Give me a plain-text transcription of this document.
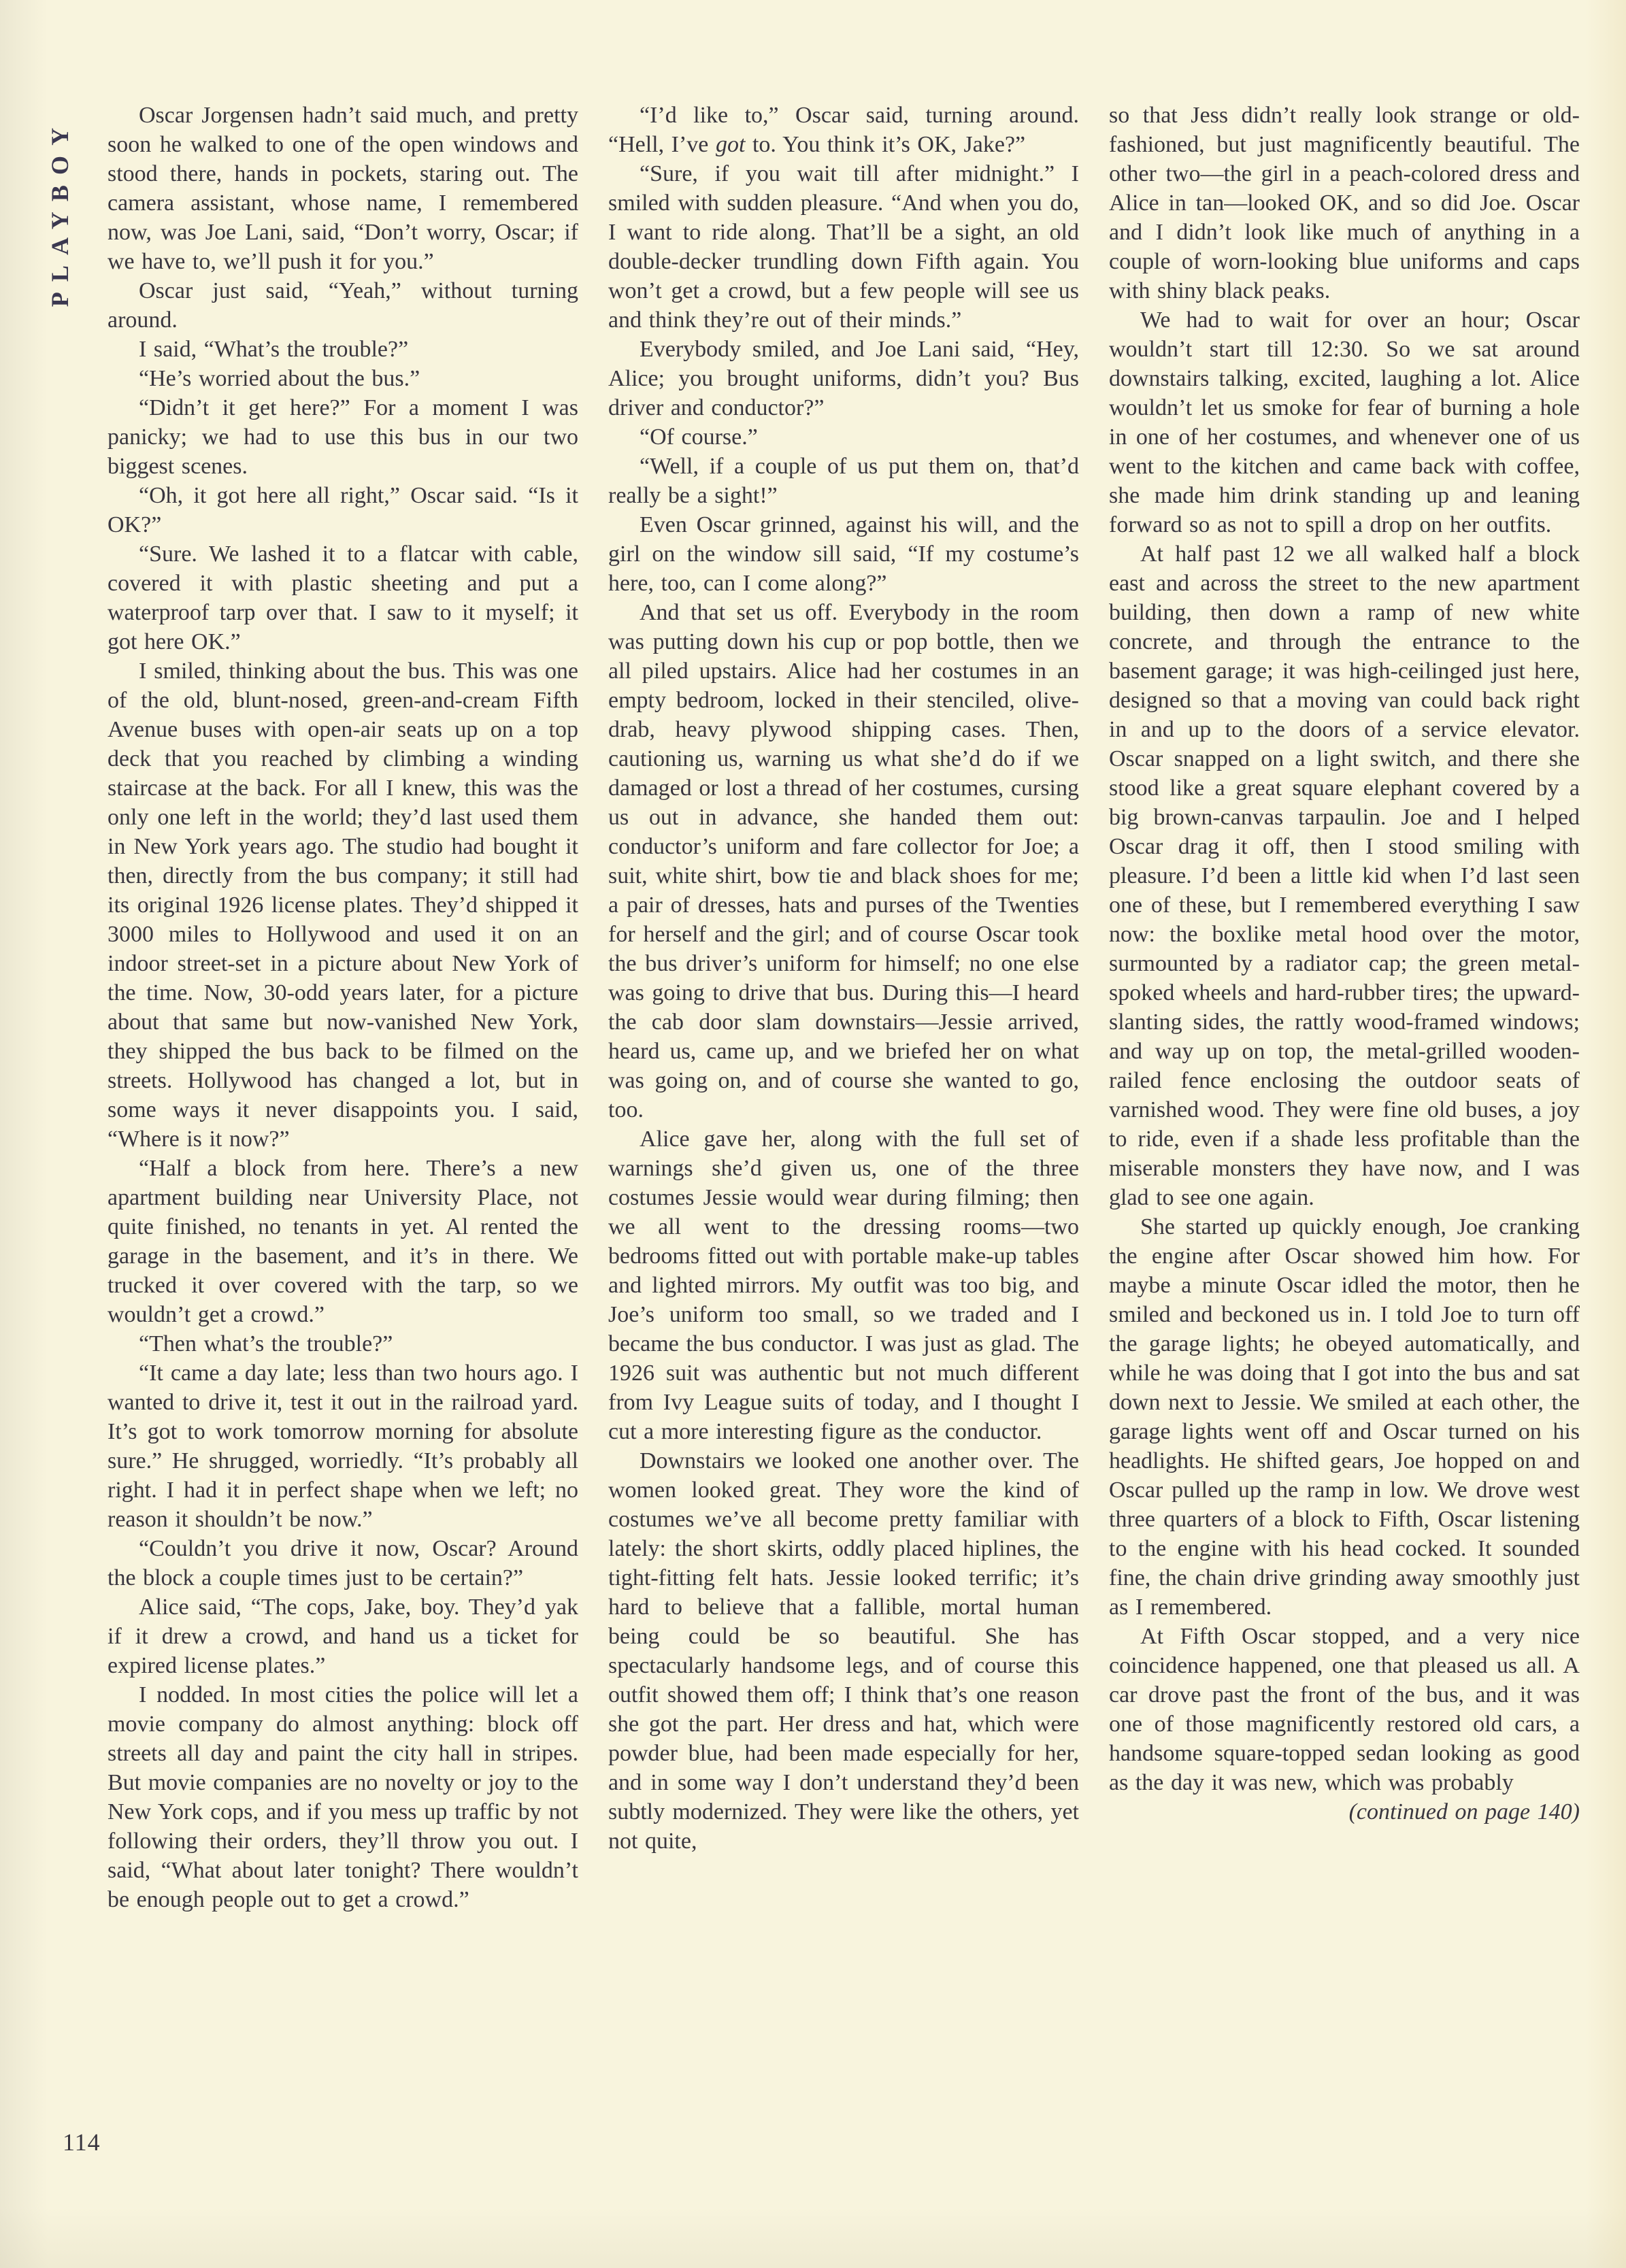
PLAYBOY

Oscar Jorgensen hadn’t said much, and pretty soon he walked to one of the open windows and stood there, hands in pockets, staring out. The camera assistant, whose name, I remembered now, was Joe Lani, said, “Don’t worry, Oscar; if we have to, we’ll push it for you.”

Oscar just said, “Yeah,” without turning around.

I said, “What’s the trouble?”

“He’s worried about the bus.”

“Didn’t it get here?” For a moment I was panicky; we had to use this bus in our two biggest scenes.

“Oh, it got here all right,” Oscar said. “Is it OK?”

“Sure. We lashed it to a flatcar with cable, covered it with plastic sheeting and put a waterproof tarp over that. I saw to it myself; it got here OK.”

I smiled, thinking about the bus. This was one of the old, blunt-nosed, green-and-cream Fifth Avenue buses with open-air seats up on a top deck that you reached by climbing a winding staircase at the back. For all I knew, this was the only one left in the world; they’d last used them in New York years ago. The studio had bought it then, directly from the bus company; it still had its original 1926 license plates. They’d shipped it 3000 miles to Hollywood and used it on an indoor street-set in a picture about New York of the time. Now, 30-odd years later, for a picture about that same but now-vanished New York, they shipped the bus back to be filmed on the streets. Hollywood has changed a lot, but in some ways it never disappoints you. I said, “Where is it now?”

“Half a block from here. There’s a new apartment building near University Place, not quite finished, no tenants in yet. Al rented the garage in the basement, and it’s in there. We trucked it over covered with the tarp, so we wouldn’t get a crowd.”

“Then what’s the trouble?”

“It came a day late; less than two hours ago. I wanted to drive it, test it out in the railroad yard. It’s got to work tomorrow morning for absolute sure.” He shrugged, worriedly. “It’s probably all right. I had it in perfect shape when we left; no reason it shouldn’t be now.”

“Couldn’t you drive it now, Oscar? Around the block a couple times just to be certain?”

Alice said, “The cops, Jake, boy. They’d yak if it drew a crowd, and hand us a ticket for expired license plates.”

I nodded. In most cities the police will let a movie company do almost anything: block off streets all day and paint the city hall in stripes. But movie companies are no novelty or joy to the New York cops, and if you mess up traffic by not following their orders, they’ll throw you out. I said, “What about later tonight? There wouldn’t be enough people out to get a crowd.”

“I’d like to,” Oscar said, turning around. “Hell, I’ve got to. You think it’s OK, Jake?”

“Sure, if you wait till after midnight.” I smiled with sudden pleasure. “And when you do, I want to ride along. That’ll be a sight, an old double-decker trundling down Fifth again. You won’t get a crowd, but a few people will see us and think they’re out of their minds.”

Everybody smiled, and Joe Lani said, “Hey, Alice; you brought uniforms, didn’t you? Bus driver and conductor?”

“Of course.”

“Well, if a couple of us put them on, that’d really be a sight!”

Even Oscar grinned, against his will, and the girl on the window sill said, “If my costume’s here, too, can I come along?”

And that set us off. Everybody in the room was putting down his cup or pop bottle, then we all piled upstairs. Alice had her costumes in an empty bedroom, locked in their stenciled, olive-drab, heavy plywood shipping cases. Then, cautioning us, warning us what she’d do if we damaged or lost a thread of her costumes, cursing us out in advance, she handed them out: conductor’s uniform and fare collector for Joe; a suit, white shirt, bow tie and black shoes for me; a pair of dresses, hats and purses of the Twenties for herself and the girl; and of course Oscar took the bus driver’s uniform for himself; no one else was going to drive that bus. During this—I heard the cab door slam downstairs—Jessie arrived, heard us, came up, and we briefed her on what was going on, and of course she wanted to go, too.

Alice gave her, along with the full set of warnings she’d given us, one of the three costumes Jessie would wear during filming; then we all went to the dressing rooms—two bedrooms fitted out with portable make-up tables and lighted mirrors. My outfit was too big, and Joe’s uniform too small, so we traded and I became the bus conductor. I was just as glad. The 1926 suit was authentic but not much different from Ivy League suits of today, and I thought I cut a more interesting figure as the conductor.

Downstairs we looked one another over. The women looked great. They wore the kind of costumes we’ve all become pretty familiar with lately: the short skirts, oddly placed hiplines, the tight-fitting felt hats. Jessie looked terrific; it’s hard to believe that a fallible, mortal human being could be so beautiful. She has spectacularly handsome legs, and of course this outfit showed them off; I think that’s one reason she got the part. Her dress and hat, which were powder blue, had been made especially for her, and in some way I don’t understand they’d been subtly modernized. They were like the others, yet not quite,

so that Jess didn’t really look strange or old-fashioned, but just magnificently beautiful. The other two—the girl in a peach-colored dress and Alice in tan—looked OK, and so did Joe. Oscar and I didn’t look like much of anything in a couple of worn-looking blue uniforms and caps with shiny black peaks.

We had to wait for over an hour; Oscar wouldn’t start till 12:30. So we sat around downstairs talking, excited, laughing a lot. Alice wouldn’t let us smoke for fear of burning a hole in one of her costumes, and whenever one of us went to the kitchen and came back with coffee, she made him drink standing up and leaning forward so as not to spill a drop on her outfits.

At half past 12 we all walked half a block east and across the street to the new apartment building, then down a ramp of new white concrete, and through the entrance to the basement garage; it was high-ceilinged just here, designed so that a moving van could back right in and up to the doors of a service elevator. Oscar snapped on a light switch, and there she stood like a great square elephant covered by a big brown-canvas tarpaulin. Joe and I helped Oscar drag it off, then I stood smiling with pleasure. I’d been a little kid when I’d last seen one of these, but I remembered everything I saw now: the boxlike metal hood over the motor, surmounted by a radiator cap; the green metal-spoked wheels and hard-rubber tires; the upward-slanting sides, the rattly wood-framed windows; and way up on top, the metal-grilled wooden-railed fence enclosing the outdoor seats of varnished wood. They were fine old buses, a joy to ride, even if a shade less profitable than the miserable monsters they have now, and I was glad to see one again.

She started up quickly enough, Joe cranking the engine after Oscar showed him how. For maybe a minute Oscar idled the motor, then he smiled and beckoned us in. I told Joe to turn off the garage lights; he obeyed automatically, and while he was doing that I got into the bus and sat down next to Jessie. We smiled at each other, the garage lights went off and Oscar turned on his headlights. He shifted gears, Joe hopped on and Oscar pulled up the ramp in low. We drove west three quarters of a block to Fifth, Oscar listening to the engine with his head cocked. It sounded fine, the chain drive grinding away smoothly just as I remembered.

At Fifth Oscar stopped, and a very nice coincidence happened, one that pleased us all. A car drove past the front of the bus, and it was one of those magnificently restored old cars, a handsome square-topped sedan looking as good as the day it was new, which was probably

(continued on page 140)

114
